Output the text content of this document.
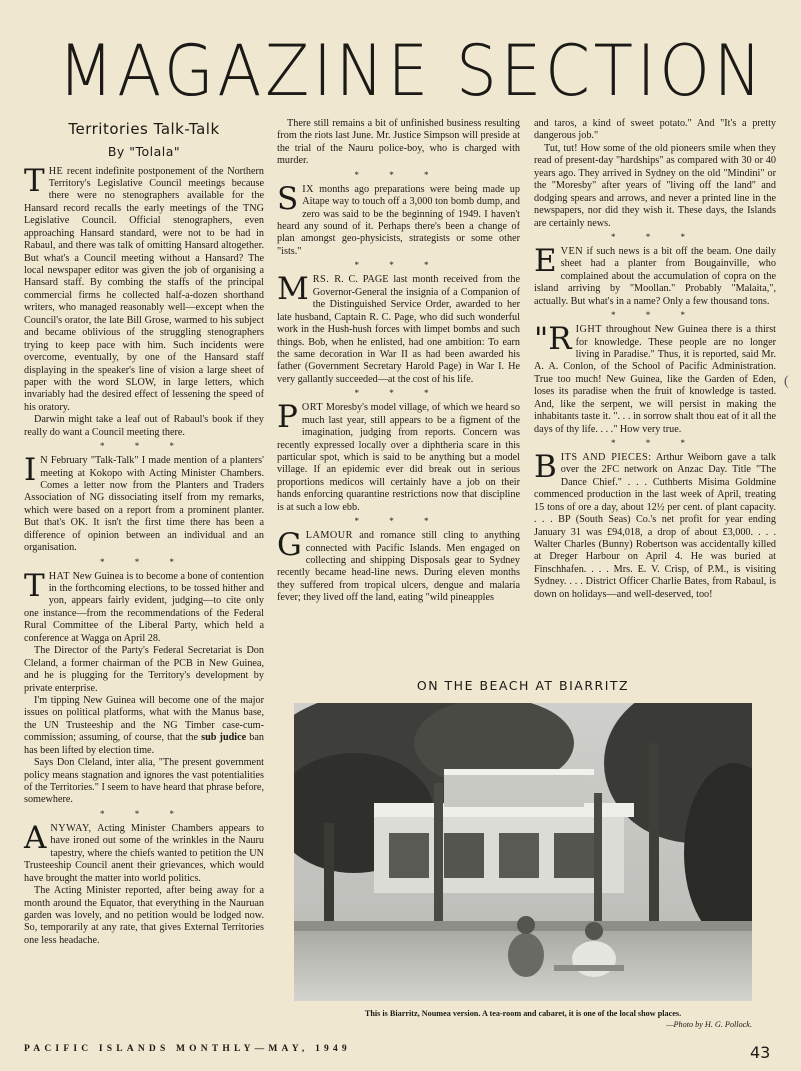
MAGAZINE SECTION
Territories Talk-Talk
By "Tolala"

THE recent indefinite postponement of the Northern Territory's Legislative Council meetings because there were no stenographers available for the Hansard record recalls the early meetings of the TNG Legislative Council. Official stenographers, even approaching Hansard standard, were not to be had in Rabaul, and there was talk of omitting Hansard altogether. But what's a Council meeting without a Hansard? The local newspaper editor was given the job of organising a Hansard staff. By combing the staffs of the principal commercial firms he collected half-a-dozen shorthand writers, who managed reasonably well—except when the Council's orator, the late Bill Grose, warmed to his subject and became oblivious of the struggling stenographers trying to keep pace with him. Such incidents were overcome, eventually, by one of the Hansard staff displaying in the speaker's line of vision a large sheet of paper with the word SLOW, in large letters, which invariably had the desired effect of lessening the speed of his oratory.

Darwin might take a leaf out of Rabaul's book if they really do want a Council meeting there.

* * *

I N February "Talk-Talk" I made mention of a planters' meeting at Kokopo with Acting Minister Chambers. Comes a letter now from the Planters and Traders Association of NG dissociating itself from my remarks, which were based on a report from a prominent planter. But that's OK. It isn't the first time there has been a difference of opinion between an individual and an organisation.

* * *

THAT New Guinea is to become a bone of contention in the forthcoming elections, to be tossed hither and yon, appears fairly evident, judging—to cite only one instance—from the recommendations of the Federal Rural Committee of the Liberal Party, which held a conference at Wagga on April 28.

The Director of the Party's Federal Secretariat is Don Cleland, a former chairman of the PCB in New Guinea, and he is plugging for the Territory's development by private enterprise.

I'm tipping New Guinea will become one of the major issues on political platforms, what with the Manus base, the UN Trusteeship and the NG Timber case-cum-commission; assuming, of course, that the sub judice ban has been lifted by election time.

Says Don Cleland, inter alia, "The present government policy means stagnation and ignores the vast potentialities of the Territories." I seem to have heard that phrase before, somewhere.

* * *

ANYWAY, Acting Minister Chambers appears to have ironed out some of the wrinkles in the Nauru tapestry, where the chiefs wanted to petition the UN Trusteeship Council anent their grievances, which would have brought the matter into world politics.

The Acting Minister reported, after being away for a month around the Equator, that everything in the Nauruan garden was lovely, and no petition would be lodged now. So, temporarily at any rate, that gives External Territories one less headache.

There still remains a bit of unfinished business resulting from the riots last June. Mr. Justice Simpson will preside at the trial of the Nauru police-boy, who is charged with murder.

* * *

SIX months ago preparations were being made up Aitape way to touch off a 3,000 ton bomb dump, and zero was said to be the beginning of 1949. I haven't heard any sound of it. Perhaps there's been a change of plan amongst geo-physicists, strategists or some other "ists."

* * *

MRS. R. C. PAGE last month received from the Governor-General the insignia of a Companion of the Distinguished Service Order, awarded to her late husband, Captain R. C. Page, who did such wonderful work in the Hush-hush forces with limpet bombs and such things. Bob, when he enlisted, had one ambition: To earn the same decoration in War II as had been awarded his father (Government Secretary Harold Page) in War I. He very gallantly succeeded—at the cost of his life.

* * *

PORT Moresby's model village, of which we heard so much last year, still appears to be a figment of the imagination, judging from reports. Concern was recently expressed locally over a diphtheria scare in this particular spot, which is said to be anything but a model village. If an epidemic ever did break out in serious proportions medicos will certainly have a job on their hands enforcing quarantine restrictions now that discipline is at such a low ebb.

* * *

GLAMOUR and romance still cling to anything connected with Pacific Islands. Men engaged on collecting and shipping Disposals gear to Sydney recently became head-line news. During eleven months they suffered from tropical ulcers, dengue and malaria fever; they lived off the land, eating "wild pineapples

and taros, a kind of sweet potato." And "It's a pretty dangerous job."

Tut, tut! How some of the old pioneers smile when they read of present-day "hardships" as compared with 30 or 40 years ago. They arrived in Sydney on the old "Mindini" or the "Moresby" after years of "living off the land" and dodging spears and arrows, and never a printed line in the newspapers, nor did they wish it. These days, the Islands are certainly news.

* * *

EVEN if such news is a bit off the beam. One daily sheet had a planter from Bougainville, who complained about the accumulation of copra on the island arriving by "Moollan." Probably "Malaita,", actually. But what's in a name? Only a few thousand tons.

* * *

"RIGHT throughout New Guinea there is a thirst for knowledge. These people are no longer living in Paradise." Thus, it is reported, said Mr. A. A. Conlon, of the School of Pacific Administration. True too much! New Guinea, like the Garden of Eden, loses its paradise when the fruit of knowledge is tasted. And, like the serpent, we will persist in making the inhabitants taste it. ". . . in sorrow shalt thou eat of it all the days of thy life. . . ." How very true.

* * *

BITS AND PIECES: Arthur Weiborn gave a talk over the 2FC network on Anzac Day. Title "The Dance Chief." . . . Cuthberts Misima Goldmine commenced production in the last week of April, treating 15 tons of ore a day, about 12½ per cent. of plant capacity. . . . BP (South Seas) Co.'s net profit for year ending January 31 was £94,018, a drop of about £3,000. . . . Walter Charles (Bunny) Robertson was accidentally killed at Dreger Harbour on April 4. He was buried at Finschhafen. . . . Mrs. E. V. Crisp, of P.M., is visiting Sydney. . . . District Officer Charlie Bates, from Rabaul, is down on holidays—and well-deserved, too!

(
ON THE BEACH AT BIARRITZ
This is Biarritz, Noumea version. A tea-room and cabaret, it is one of the local show places.
—Photo by H. G. Pollock.
PACIFIC ISLANDS MONTHLY—MAY, 1949	43
